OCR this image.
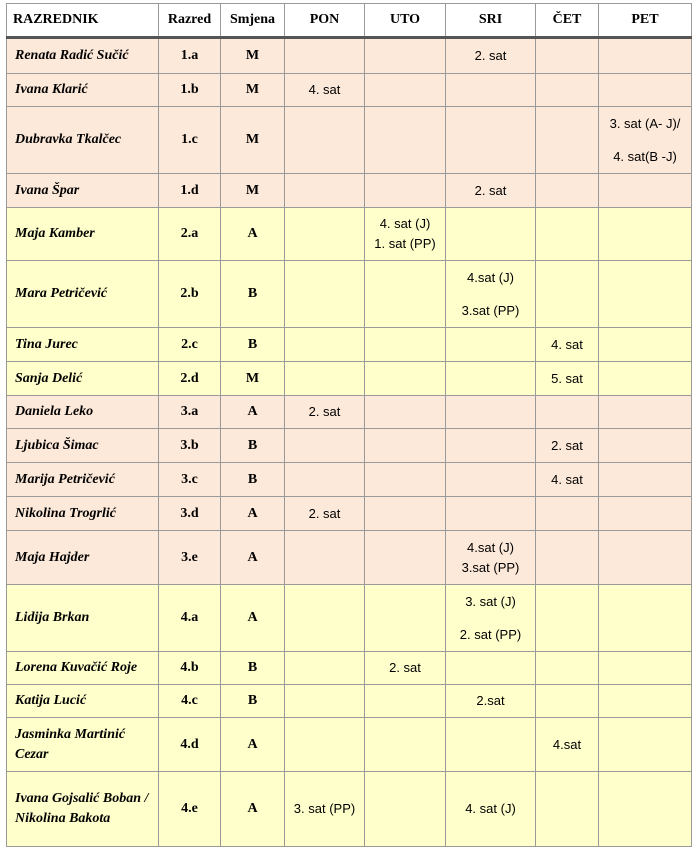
RAZREDNIK	Razred	Smjena	PON	UTO	SRI	ČET	PET
Renata Radić Sučić	1.a	M			2. sat		
Ivana Klarić	1.b	M	4. sat				
Dubravka Tkalčec	1.c	M					3. sat (A- J)/
4. sat(B -J)
Ivana Špar	1.d	M			2. sat		
Maja Kamber	2.a	A		4. sat (J)
1. sat (PP)			
Mara Petričević	2.b	B			4.sat (J)
3.sat (PP)		
Tina Jurec	2.c	B				4. sat	
Sanja Delić	2.d	M				5. sat	
Daniela Leko	3.a	A	2. sat				
Ljubica Šimac	3.b	B				2. sat	
Marija Petričević	3.c	B				4. sat	
Nikolina Trogrlić	3.d	A	2. sat				
Maja Hajder	3.e	A			4.sat (J)
3.sat (PP)		
Lidija Brkan	4.a	A			3. sat (J)
2. sat (PP)		
Lorena Kuvačić Roje	4.b	B		2. sat			
Katija Lucić	4.c	B			2.sat		
Jasminka Martinić Cezar	4.d	A				4.sat	
Ivana Gojsalić Boban / Nikolina Bakota	4.e	A	3. sat (PP)		4. sat (J)		
